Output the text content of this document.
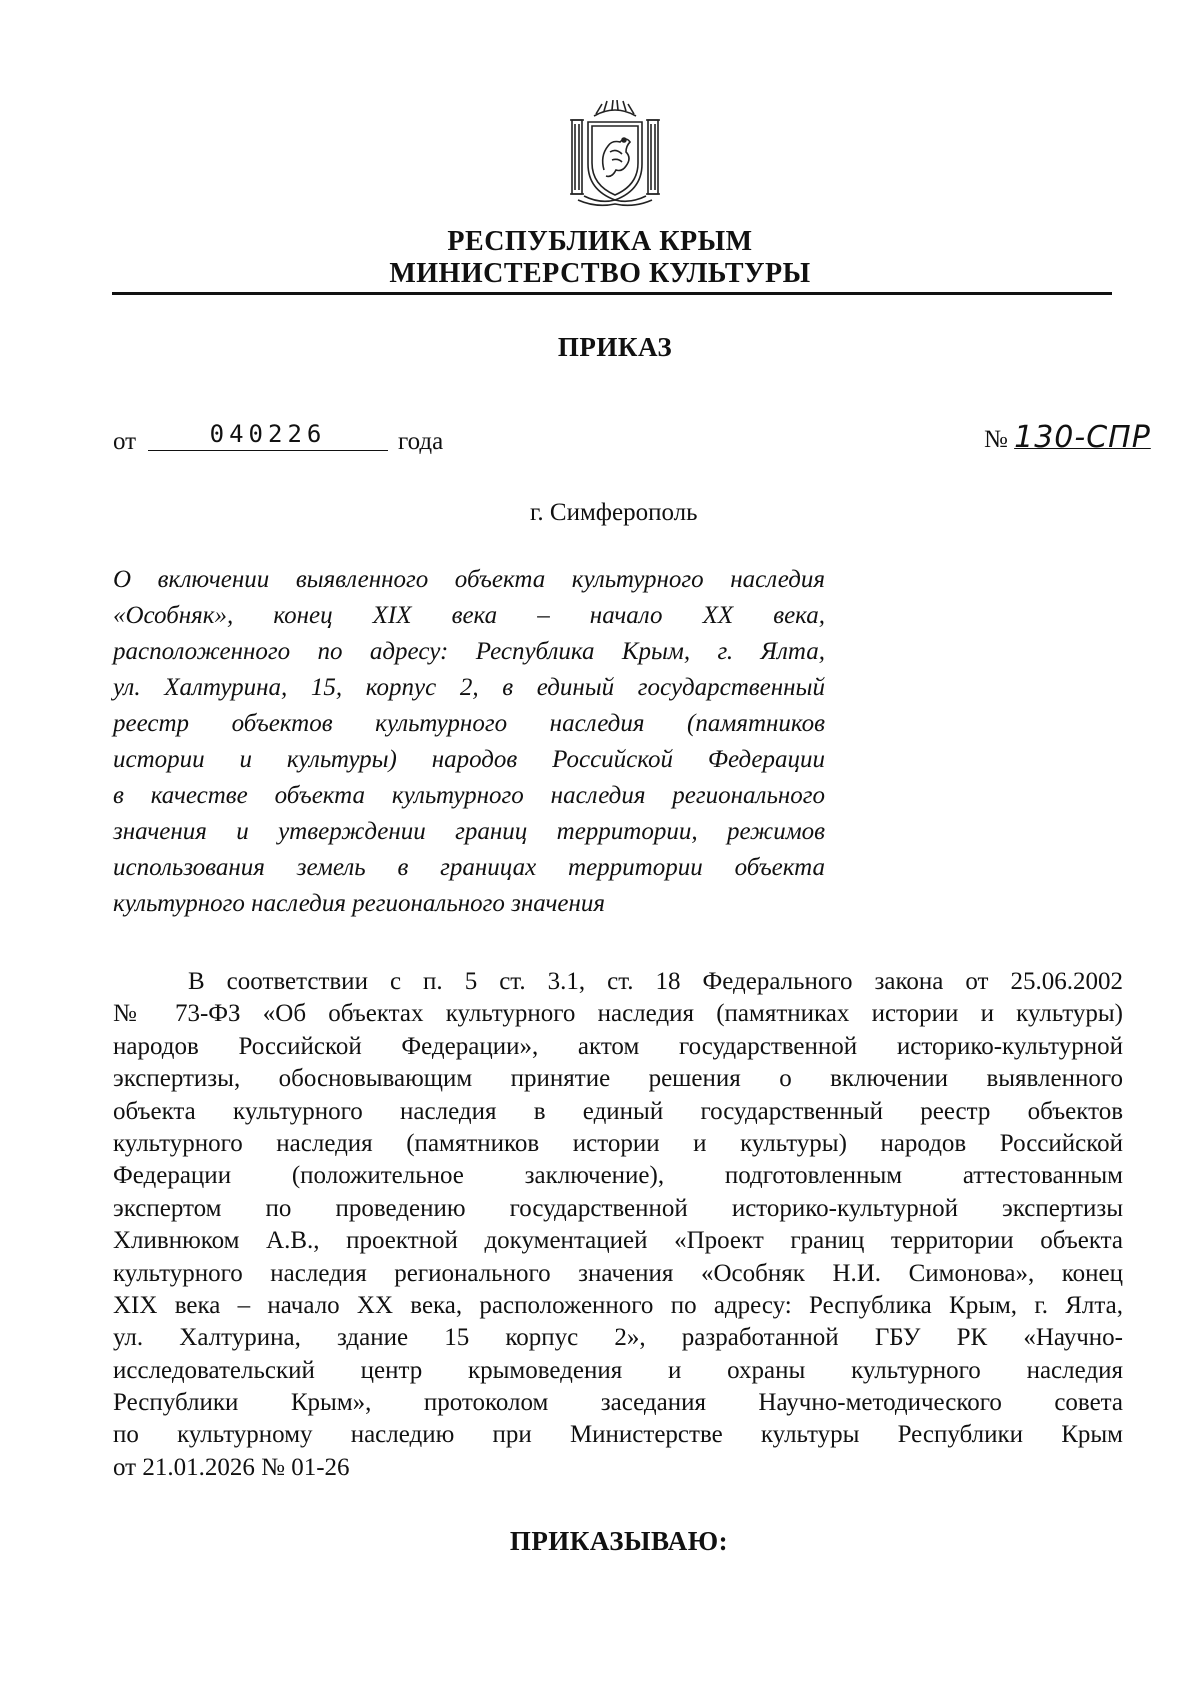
РЕСПУБЛИКА КРЫМ
МИНИСТЕРСТВО КУЛЬТУРЫ
ПРИКАЗ
от	040226	года	№ 130-СПР
г. Симферополь
О включении выявленного объекта культурного наследия
«Особняк», конец XIX века – начало XX века,
расположенного по адресу: Республика Крым, г. Ялта,
ул. Халтурина, 15, корпус 2, в единый государственный
реестр объектов культурного наследия (памятников
истории и культуры) народов Российской Федерации
в качестве объекта культурного наследия регионального
значения и утверждении границ территории, режимов
использования земель в границах территории объекта
культурного наследия регионального значения
В соответствии с п. 5 ст. 3.1, ст. 18 Федерального закона от 25.06.2002
№ 73-ФЗ «Об объектах культурного наследия (памятниках истории и культуры)
народов Российской Федерации», актом государственной историко-культурной
экспертизы, обосновывающим принятие решения о включении выявленного
объекта культурного наследия в единый государственный реестр объектов
культурного наследия (памятников истории и культуры) народов Российской
Федерации (положительное заключение), подготовленным аттестованным
экспертом по проведению государственной историко-культурной экспертизы
Хливнюком А.В., проектной документацией «Проект границ территории объекта
культурного наследия регионального значения «Особняк Н.И. Симонова», конец
XIX века – начало XX века, расположенного по адресу: Республика Крым, г. Ялта,
ул. Халтурина, здание 15 корпус 2», разработанной ГБУ РК «Научно-
исследовательский центр крымоведения и охраны культурного наследия
Республики Крым», протоколом заседания Научно-методического совета
по культурному наследию при Министерстве культуры Республики Крым
от 21.01.2026 № 01-26
ПРИКАЗЫВАЮ:
